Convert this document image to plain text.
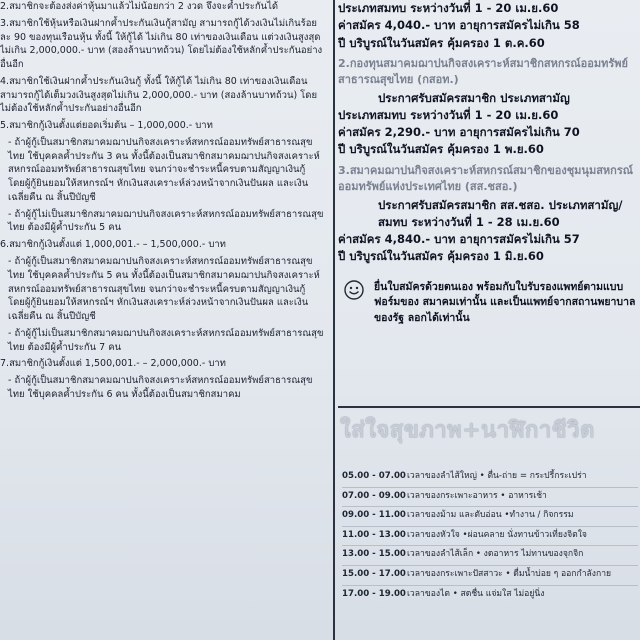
2.สมาชิกจะต้องส่งค่าหุ้นมาแล้วไม่น้อยกว่า 2 งวด จึงจะค้ำประกันได้

3.สมาชิกใช้หุ้นหรือเงินฝากค้ำประกันเงินกู้สามัญ สามารถกู้ได้วงเงินไม่เกินร้อยละ 90 ของทุนเรือนหุ้น ทั้งนี้ ให้กู้ได้ ไม่เกิน 80 เท่าของเงินเดือน แต่วงเงินสูงสุดไม่เกิน 2,000,000.- บาท (สองล้านบาทถ้วน) โดยไม่ต้องใช้หลักค้ำประกันอย่างอื่นอีก

4.สมาชิกใช้เงินฝากค้ำประกันเงินกู้ ทั้งนี้ ให้กู้ได้ ไม่เกิน 80 เท่าของเงินเดือน สามารถกู้ได้เต็มวงเงินสูงสุดไม่เกิน 2,000,000.- บาท (สองล้านบาทถ้วน) โดยไม่ต้องใช้หลักค้ำประกันอย่างอื่นอีก

5.สมาชิกกู้เงินตั้งแต่ยอดเริ่มต้น – 1,000,000.- บาท

- ถ้าผู้กู้เป็นสมาชิกสมาคมฌาปนกิจสงเคราะห์สหกรณ์ออมทรัพย์สาธารณสุขไทย ใช้บุคคลค้ำประกัน 3 คน ทั้งนี้ต้องเป็นสมาชิกสมาคมฌาปนกิจสงเคราะห์สหกรณ์ออมทรัพย์สาธารณสุขไทย จนกว่าจะชำระหนี้ครบตามสัญญาเงินกู้ โดยผู้กู้ยินยอมให้สหกรณ์ฯ หักเงินสงเคราะห์ล่วงหน้าจากเงินปันผล และเงินเฉลี่ยคืน ณ สิ้นปีบัญชี

- ถ้าผู้กู้ไม่เป็นสมาชิกสมาคมฌาปนกิจสงเคราะห์สหกรณ์ออมทรัพย์สาธารณสุขไทย ต้องมีผู้ค้ำประกัน 5 คน

6.สมาชิกกู้เงินตั้งแต่ 1,000,001.- – 1,500,000.- บาท

- ถ้าผู้กู้เป็นสมาชิกสมาคมฌาปนกิจสงเคราะห์สหกรณ์ออมทรัพย์สาธารณสุขไทย ใช้บุคคลค้ำประกัน 5 คน ทั้งนี้ต้องเป็นสมาชิกสมาคมฌาปนกิจสงเคราะห์สหกรณ์ออมทรัพย์สาธารณสุขไทย จนกว่าจะชำระหนี้ครบตามสัญญาเงินกู้ โดยผู้กู้ยินยอมให้สหกรณ์ฯ หักเงินสงเคราะห์ล่วงหน้าจากเงินปันผล และเงินเฉลี่ยคืน ณ สิ้นปีบัญชี

- ถ้าผู้กู้ไม่เป็นสมาชิกสมาคมฌาปนกิจสงเคราะห์สหกรณ์ออมทรัพย์สาธารณสุขไทย ต้องมีผู้ค้ำประกัน 7 คน

7.สมาชิกกู้เงินตั้งแต่ 1,500,001.- – 2,000,000.- บาท

- ถ้าผู้กู้เป็นสมาชิกสมาคมฌาปนกิจสงเคราะห์สหกรณ์ออมทรัพย์สาธารณสุขไทย ใช้บุคคลค้ำประกัน 6 คน ทั้งนี้ต้องเป็นสมาชิกสมาคม

ประเภทสมทบ ระหว่างวันที่ 1 - 20 เม.ย.60

ค่าสมัคร 4,040.- บาท อายุการสมัครไม่เกิน 58

ปี บริบูรณ์ในวันสมัคร คุ้มครอง 1 ต.ค.60

2.กองทุนสมาคมฌาปนกิจสงเคราะห์สมาชิกสหกรณ์ออมทรัพย์สาธารณสุขไทย (กสอท.)

ประกาศรับสมัครสมาชิก ประเภทสามัญ

ประเภทสมทบ ระหว่างวันที่ 1 - 20 เม.ย.60

ค่าสมัคร 2,290.- บาท อายุการสมัครไม่เกิน 70

ปี บริบูรณ์ในวันสมัคร คุ้มครอง 1 พ.ย.60

3.สมาคมฌาปนกิจสงเคราะห์สหกรณ์สมาชิกของชุมนุมสหกรณ์ออมทรัพย์แห่งประเทศไทย (สส.ชสอ.)

ประกาศรับสมัครสมาชิก สส.ชสอ. ประเภทสามัญ/สมทบ ระหว่างวันที่ 1 - 28 เม.ย.60

ค่าสมัคร 4,840.- บาท อายุการสมัครไม่เกิน 57

ปี บริบูรณ์ในวันสมัคร คุ้มครอง 1 มิ.ย.60

ยื่นใบสมัครด้วยตนเอง พร้อมกับใบรับรองแพทย์ตามแบบฟอร์มของ สมาคมเท่านั้น และเป็นแพทย์จากสถานพยาบาลของรัฐ ลอกได้เท่านั้น
ใส่ใจสุขภาพ+นาฬิกาชีวิต
05.00 - 07.00 เวลาของลำไส้ใหญ่ • ตื่น-ถ่าย = กระปรี้กระเปร่า
07.00 - 09.00 เวลาของกระเพาะอาหาร • อาหารเช้า
09.00 - 11.00 เวลาของม้าม และตับอ่อน •ทำงาน / กิจกรรม
11.00 - 13.00 เวลาของหัวใจ •ผ่อนคลาย นั่งทานข้าวเที่ยงจิตใจ
13.00 - 15.00 เวลาของลำไส้เล็ก • งดอาหาร ไม่ทานของจุกจิก
15.00 - 17.00 เวลาของกระเพาะปัสสาวะ • ดื่มน้ำบ่อย ๆ ออกกำลังกาย
17.00 - 19.00 เวลาของไต • สดชื่น แจ่มใส ไม่อยู่นิ่ง
